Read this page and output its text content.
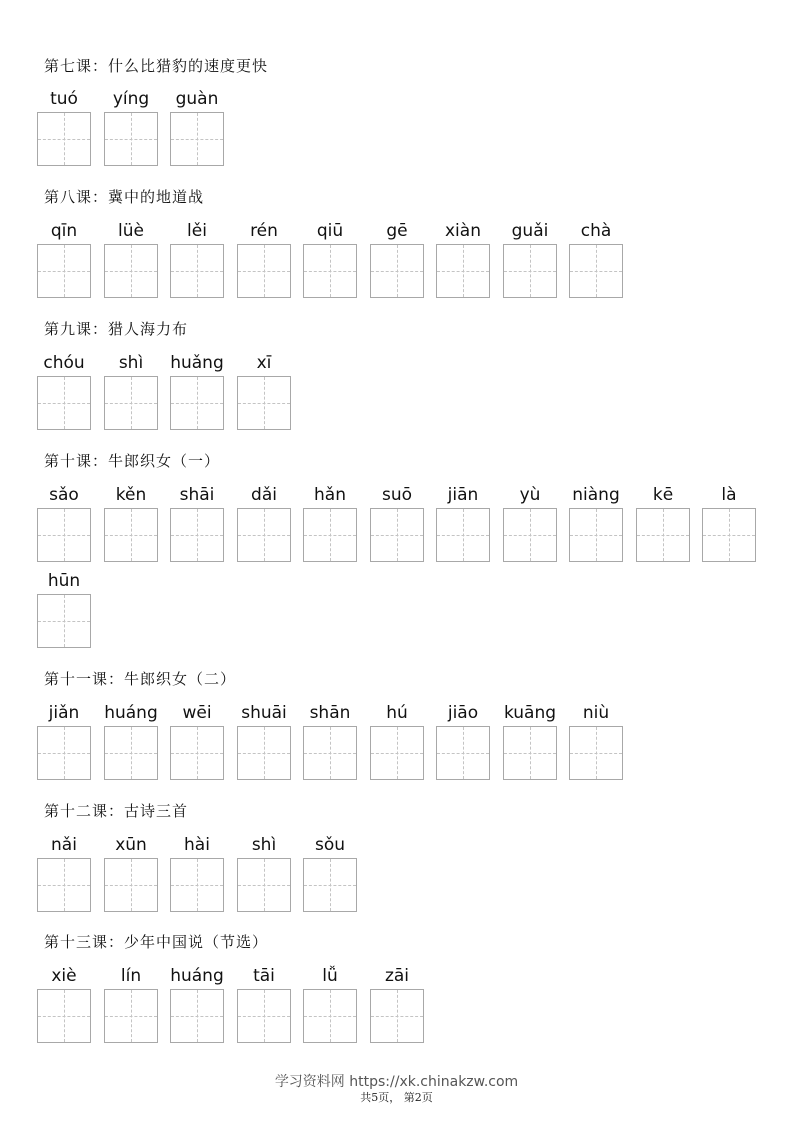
第七课：什么比猎豹的速度更快
tuó	yíng	guàn
第八课：冀中的地道战
qīn	lüè	lěi	rén	qiū	gē	xiàn	guǎi	chà
第九课：猎人海力布
chóu	shì	huǎng	xī
第十课：牛郎织女（一）
sǎo	kěn	shāi	dǎi	hǎn	suō	jiān	yù	niàng	kē	là
hūn
第十一课：牛郎织女（二）
jiǎn	huáng	wēi	shuāi	shān	hú	jiāo	kuāng	niù
第十二课：古诗三首
nǎi	xūn	hài	shì	sǒu
第十三课：少年中国说（节选）
xiè	lín	huáng	tāi	lǚ	zāi
学习资料网 https://xk.chinakzw.com
共5页， 第2页
